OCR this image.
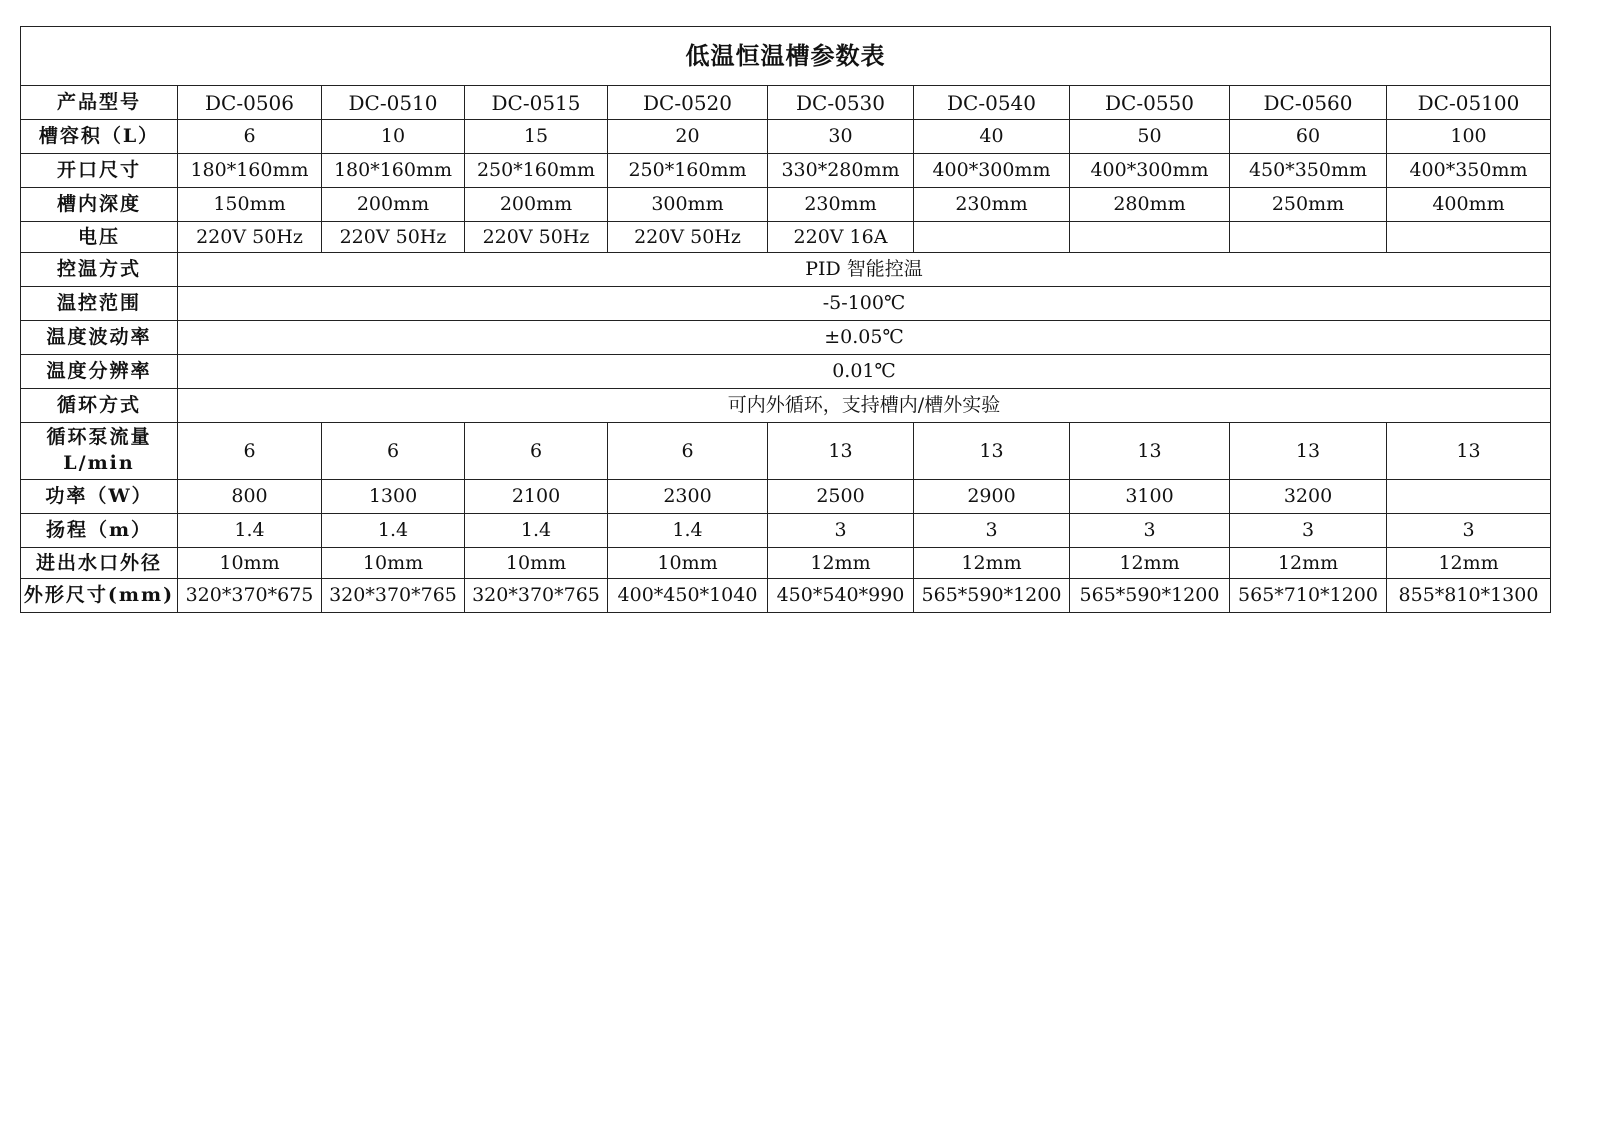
低温恒温槽参数表									
产品型号	DC-0506	DC-0510	DC-0515	DC-0520	DC-0530	DC-0540	DC-0550	DC-0560	DC-05100
槽容积（L）	6	10	15	20	30	40	50	60	100
开口尺寸	180*160mm	180*160mm	250*160mm	250*160mm	330*280mm	400*300mm	400*300mm	450*350mm	400*350mm
槽内深度	150mm	200mm	200mm	300mm	230mm	230mm	280mm	250mm	400mm
电压	220V 50Hz	220V 50Hz	220V 50Hz	220V 50Hz	220V 16A				
控温方式	PID 智能控温								
温控范围	-5-100℃								
温度波动率	±0.05℃								
温度分辨率	0.01℃								
循环方式	可内外循环，支持槽内/槽外实验								
循环泵流量 L/min	6	6	6	6	13	13	13	13	13
功率（W）	800	1300	2100	2300	2500	2900	3100	3200	
扬程（m）	1.4	1.4	1.4	1.4	3	3	3	3	3
进出水口外径	10mm	10mm	10mm	10mm	12mm	12mm	12mm	12mm	12mm
外形尺寸(mm)	320*370*675	320*370*765	320*370*765	400*450*1040	450*540*990	565*590*1200	565*590*1200	565*710*1200	855*810*1300
